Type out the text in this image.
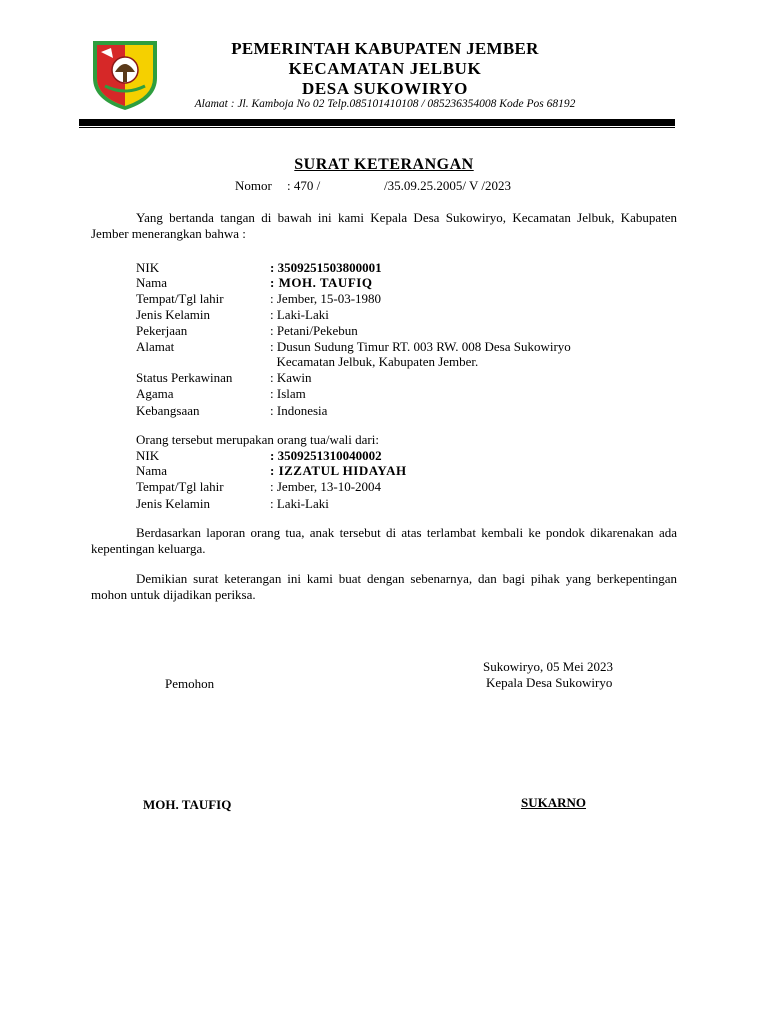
PEMERINTAH KABUPATEN JEMBER
KECAMATAN JELBUK
DESA SUKOWIRYO
Alamat : Jl. Kamboja No 02 Telp.085101410108 / 085236354008 Kode Pos 68192
SURAT KETERANGAN
Nomor : 470 /	/35.09.25.2005/ V /2023
Yang bertanda tangan di bawah ini kami Kepala Desa Sukowiryo, Kecamatan Jelbuk, Kabupaten Jember menerangkan bahwa :
NIK	: 3509251503800001
Nama	: MOH. TAUFIQ
Tempat/Tgl lahir	: Jember, 15-03-1980
Jenis Kelamin	: Laki-Laki
Pekerjaan	: Petani/Pekebun
Alamat	: Dusun Sudung Timur RT. 003 RW. 008 Desa Sukowiryo
Kecamatan Jelbuk, Kabupaten Jember.
Status Perkawinan	: Kawin
Agama	: Islam
Kebangsaan	: Indonesia
Orang tersebut merupakan orang tua/wali dari:
NIK	: 3509251310040002
Nama	: IZZATUL HIDAYAH
Tempat/Tgl lahir	: Jember, 13-10-2004
Jenis Kelamin	: Laki-Laki
Berdasarkan laporan orang tua, anak tersebut di atas terlambat kembali ke pondok dikarenakan ada kepentingan keluarga.
Demikian surat keterangan ini kami buat dengan sebenarnya, dan bagi pihak yang berkepentingan mohon untuk dijadikan periksa.
Sukowiryo, 05 Mei 2023
Kepala Desa Sukowiryo
Pemohon
MOH. TAUFIQ	SUKARNO
